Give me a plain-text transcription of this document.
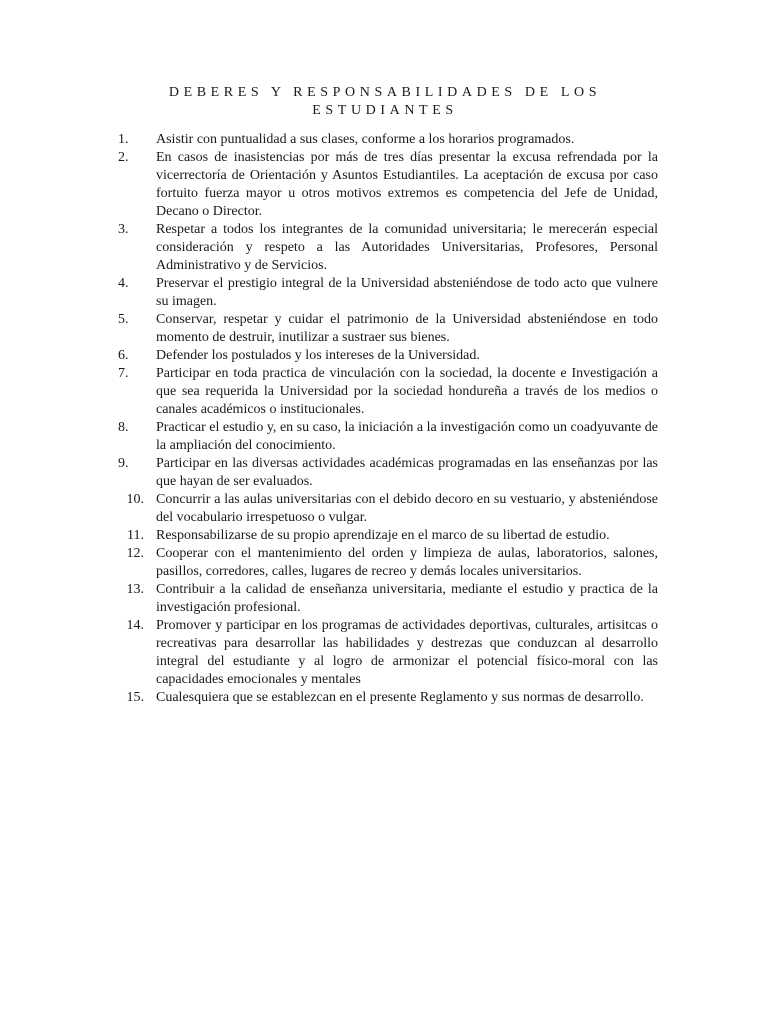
DEBERES Y RESPONSABILIDADES DE LOS
ESTUDIANTES
1.	Asistir con puntualidad a sus clases, conforme a los horarios programados.
2.	En casos de inasistencias por más de tres días presentar la excusa refrendada por la vicerrectoría de Orientación y Asuntos Estudiantiles. La aceptación de excusa por caso fortuito fuerza mayor u otros motivos extremos es competencia del Jefe de Unidad, Decano o Director.
3.	Respetar a todos los integrantes de la comunidad universitaria; le merecerán especial consideración y respeto a las Autoridades Universitarias, Profesores, Personal Administrativo y de Servicios.
4.	Preservar el prestigio integral de la Universidad absteniéndose de todo acto que vulnere su imagen.
5.	Conservar, respetar y cuidar el patrimonio de la Universidad absteniéndose en todo momento de destruir, inutilizar a sustraer sus bienes.
6.	Defender los postulados y los intereses de la Universidad.
7.	Participar en toda practica de vinculación con la sociedad, la docente e Investigación a que sea requerida la Universidad por la sociedad hondureña a través de los medios o canales académicos o institucionales.
8.	Practicar el estudio y, en su caso, la iniciación a la investigación como un coadyuvante de la ampliación del conocimiento.
9.	Participar en las diversas actividades académicas programadas en las enseñanzas por las que hayan de ser evaluados.
10. Concurrir a las aulas universitarias con el debido decoro en su vestuario, y absteniéndose del vocabulario irrespetuoso o vulgar.
11. Responsabilizarse de su propio aprendizaje en el marco de su libertad de estudio.
12. Cooperar con el mantenimiento del orden y limpieza de aulas, laboratorios, salones, pasillos, corredores, calles, lugares de recreo y demás locales universitarios.
13. Contribuir a la calidad de enseñanza universitaria, mediante el estudio y practica de la investigación profesional.
14. Promover y participar en los programas de actividades deportivas, culturales, artisitcas o recreativas para desarrollar las habilidades y destrezas que conduzcan al desarrollo integral del estudiante y al logro de armonizar el potencial físico-moral con las capacidades emocionales y mentales
15. Cualesquiera que se establezcan en el presente Reglamento y sus normas de desarrollo.
